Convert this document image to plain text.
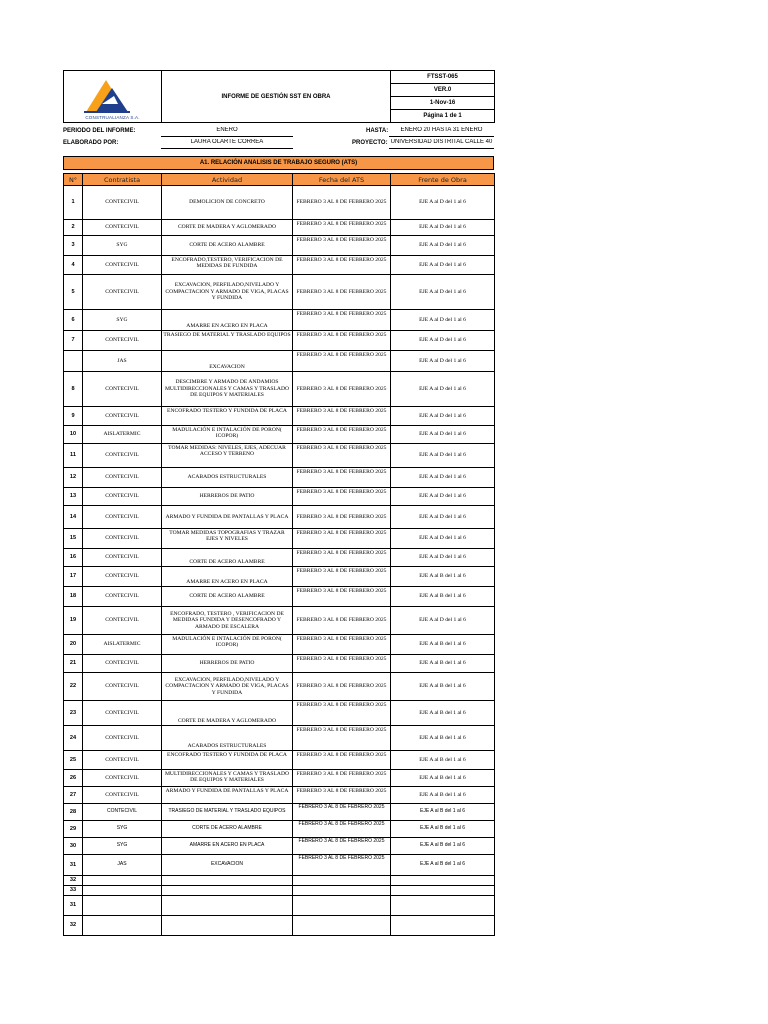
CONSTRUALIANZA S.A.
	INFORME DE GESTIÓN SST EN OBRA	FTSST-065
VER.0
1-Nov-16
Página 1 de 1
PERIODO DEL INFORME:	ENERO	HASTA:	ENERO 20 HASTA 31 ENERO
ELABORADO POR:	LAURA OLARTE CORREA	PROYECTO: UNIVERSIDAD DISTRITAL CALLE 40
A1. RELACIÓN ANALISIS DE TRABAJO SEGURO (ATS)
N°	Contratista	Actividad	Fecha del ATS	Frente de Obra
1	CONTECIVIL	DEMOLICION DE CONCRETO	FEBRERO 3 AL 8 DE FEBRERO 2025	EJE A al D del 1 al 6
2	CONTECIVIL	CORTE DE MADERA Y AGLOMERADO	FEBRERO 3 AL 8 DE FEBRERO 2025	EJE A al D del 1 al 6
3	SYG	CORTE DE ACERO ALAMBRE	FEBRERO 3 AL 8 DE FEBRERO 2025	EJE A al D del 1 al 6
4	CONTECIVIL	ENCOFRADO,TESTERO, VERIFICACION DE MEDIDAS DE FUNDIDA	FEBRERO 3 AL 8 DE FEBRERO 2025	EJE A al D del 1 al 6
5	CONTECIVIL	EXCAVACION, PERFILADO,NIVELADO Y COMPACTACION Y ARMADO DE VIGA, PLACAS Y FUNDIDA	FEBRERO 3 AL 8 DE FEBRERO 2025	EJE A al D del 1 al 6
6	SYG	AMARRE EN ACERO EN PLACA	FEBRERO 3 AL 8 DE FEBRERO 2025	EJE A al D del 1 al 6
7	CONTECIVIL	TRASIEGO DE MATERIAL Y TRASLADO EQUIPOS	FEBRERO 3 AL 8 DE FEBRERO 2025	EJE A al D del 1 al 6
	JAS	EXCAVACION	FEBRERO 3 AL 8 DE FEBRERO 2025	EJE A al D del 1 al 6
8	CONTECIVIL	DESCIMBRE Y ARMADO DE ANDAMIOS MULTIDIRECCIONALES Y CAMAS Y TRASLADO DE EQUIPOS Y MATERIALES	FEBRERO 3 AL 8 DE FEBRERO 2025	EJE A al D del 1 al 6
9	CONTECIVIL	ENCOFRADO TESTERO Y FUNDIDA DE PLACA	FEBRERO 3 AL 8 DE FEBRERO 2025	EJE A al D del 1 al 6
10	AISLATERMIC	MADULACIÓN E INTALACIÓN DE PORON( ICOPOR)	FEBRERO 3 AL 8 DE FEBRERO 2025	EJE A al D del 1 al 6
11	CONTECIVIL	TOMAR MEDIDAS: NIVELES, EJES, ADECUAR ACCESO Y TERRENO	FEBRERO 3 AL 8 DE FEBRERO 2025	EJE A al D del 1 al 6
12	CONTECIVIL	ACABADOS ESTRUCTURALES	FEBRERO 3 AL 8 DE FEBRERO 2025	EJE A al D del 1 al 6
13	CONTECIVIL	HERREROS DE PATIO	FEBRERO 3 AL 8 DE FEBRERO 2025	EJE A al D del 1 al 6
14	CONTECIVIL	ARMADO Y FUNDIDA DE PANTALLAS Y PLACA	FEBRERO 3 AL 8 DE FEBRERO 2025	EJE A al D del 1 al 6
15	CONTECIVIL	TOMAR MEDIDAS TOPOGRAFIAS Y TRAZAR EJES Y NIVELES	FEBRERO 3 AL 8 DE FEBRERO 2025	EJE A al D del 1 al 6
16	CONTECIVIL	CORTE DE ACERO ALAMBRE	FEBRERO 3 AL 8 DE FEBRERO 2025	EJE A al D del 1 al 6
17	CONTECIVIL	AMARRE EN ACERO EN PLACA	FEBRERO 3 AL 8 DE FEBRERO 2025	EJE A al B del 1 al 6
18	CONTECIVIL	CORTE DE ACERO ALAMBRE	FEBRERO 3 AL 8 DE FEBRERO 2025	EJE A al B del 1 al 6
19	CONTECIVIL	ENCOFRADO, TESTERO , VERIFICACION DE MEDIDAS FUNDIDA Y DESENCOFRADO Y ARMADO DE ESCALERA	FEBRERO 3 AL 8 DE FEBRERO 2025	EJE A al D del 1 al 6
20	AISLATERMIC	MADULACIÓN E INTALACIÓN DE PORON( ICOPOR)	FEBRERO 3 AL 8 DE FEBRERO 2025	EJE A al B del 1 al 6
21	CONTECIVIL	HERREROS DE PATIO	FEBRERO 3 AL 8 DE FEBRERO 2025	EJE A al B del 1 al 6
22	CONTECIVIL	EXCAVACION, PERFILADO,NIVELADO Y COMPACTACION Y ARMADO DE VIGA, PLACAS Y FUNDIDA	FEBRERO 3 AL 8 DE FEBRERO 2025	EJE A al B del 1 al 6
23	CONTECIVIL	CORTE DE MADERA Y AGLOMERADO	FEBRERO 3 AL 8 DE FEBRERO 2025	EJE A al B del 1 al 6
24	CONTECIVIL	ACABADOS ESTRUCTURALES	FEBRERO 3 AL 8 DE FEBRERO 2025	EJE A al B del 1 al 6
25	CONTECIVIL	ENCOFRADO TESTERO Y FUNDIDA DE PLACA	FEBRERO 3 AL 8 DE FEBRERO 2025	EJE A al B del 1 al 6
26	CONTECIVIL	MULTIDIRECCIONALES Y CAMAS Y TRASLADO DE EQUIPOS Y MATERIALES	FEBRERO 3 AL 8 DE FEBRERO 2025	EJE A al B del 1 al 6
27	CONTECIVIL	ARMADO Y FUNDIDA DE PANTALLAS Y PLACA	FEBRERO 3 AL 8 DE FEBRERO 2025	EJE A al B del 1 al 6
28	CONTECIVIL	TRASIEGO DE MATERIAL Y TRASLADO EQUIPOS	FEBRERO 3 AL 8 DE FEBRERO 2025	EJE A al B del 1 al 6
29	SYG	CORTE DE ACERO ALAMBRE	FEBRERO 3 AL 8 DE FEBRERO 2025	EJE A al B del 1 al 6
30	SYG	AMARRE EN ACERO EN PLACA	FEBRERO 3 AL 8 DE FEBRERO 2025	EJE A al B del 1 al 6
31	JAS	EXCAVACION	FEBRERO 3 AL 8 DE FEBRERO 2025	EJE A al B del 1 al 6
32				
33				
31				
32				
